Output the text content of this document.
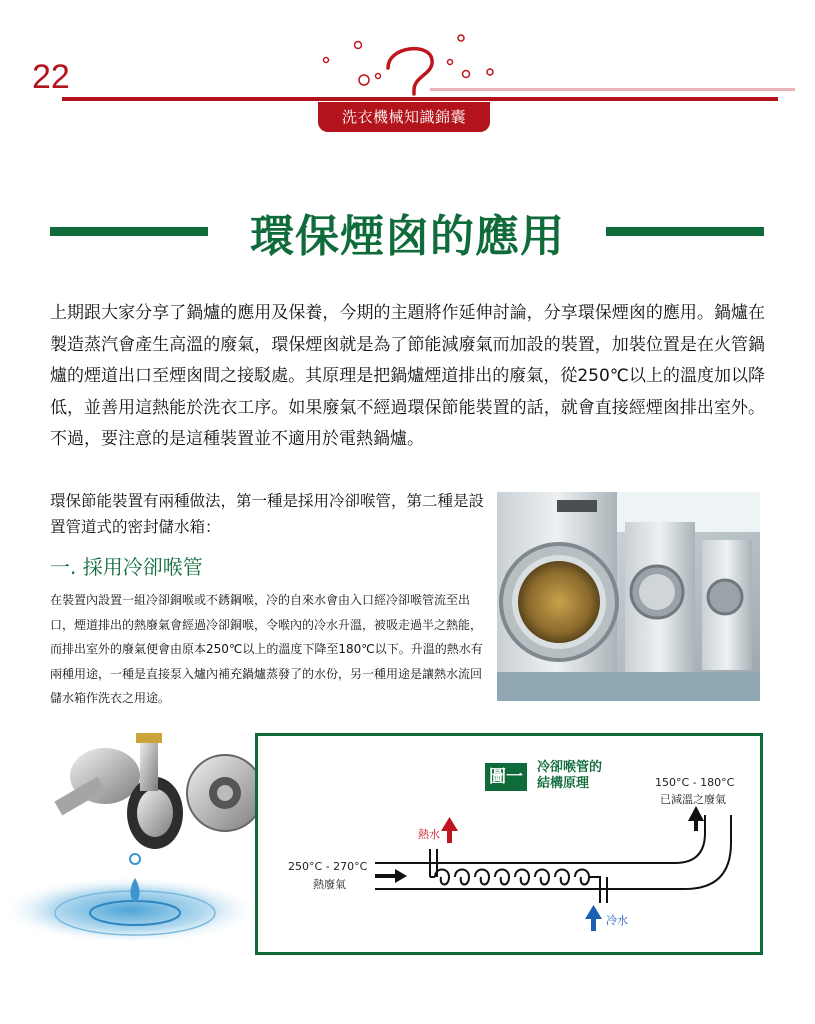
22
洗衣機械知識錦囊
環保煙囪的應用
上期跟大家分享了鍋爐的應用及保養，今期的主題將作延伸討論，分享環保煙囪的應用。鍋爐在製造蒸汽會產生高溫的廢氣，環保煙囪就是為了節能減廢氣而加設的裝置，加裝位置是在火管鍋爐的煙道出口至煙囪間之接駁處。其原理是把鍋爐煙道排出的廢氣，從250℃以上的溫度加以降低，並善用這熱能於洗衣工序。如果廢氣不經過環保節能裝置的話，就會直接經煙囪排出室外。不過，要注意的是這種裝置並不適用於電熱鍋爐。
環保節能裝置有兩種做法，第一種是採用冷卻喉管，第二種是設置管道式的密封儲水箱：
一. 採用冷卻喉管
在裝置內設置一組冷卻銅喉或不銹鋼喉，冷的自來水會由入口經冷卻喉管流至出口，煙道排出的熱廢氣會經過冷卻銅喉，令喉內的冷水升溫，被吸走過半之熱能，而排出室外的廢氣便會由原本250℃以上的溫度下降至180℃以下。升溫的熱水有兩種用途，一種是直接泵入爐內補充鍋爐蒸發了的水份，另一種用途是讓熱水流回儲水箱作洗衣之用途。
圖一	冷卻喉管的
結構原理
250°C - 270°C
熱廢氣
150°C - 180°C
已減溫之廢氣
熱水
冷水
